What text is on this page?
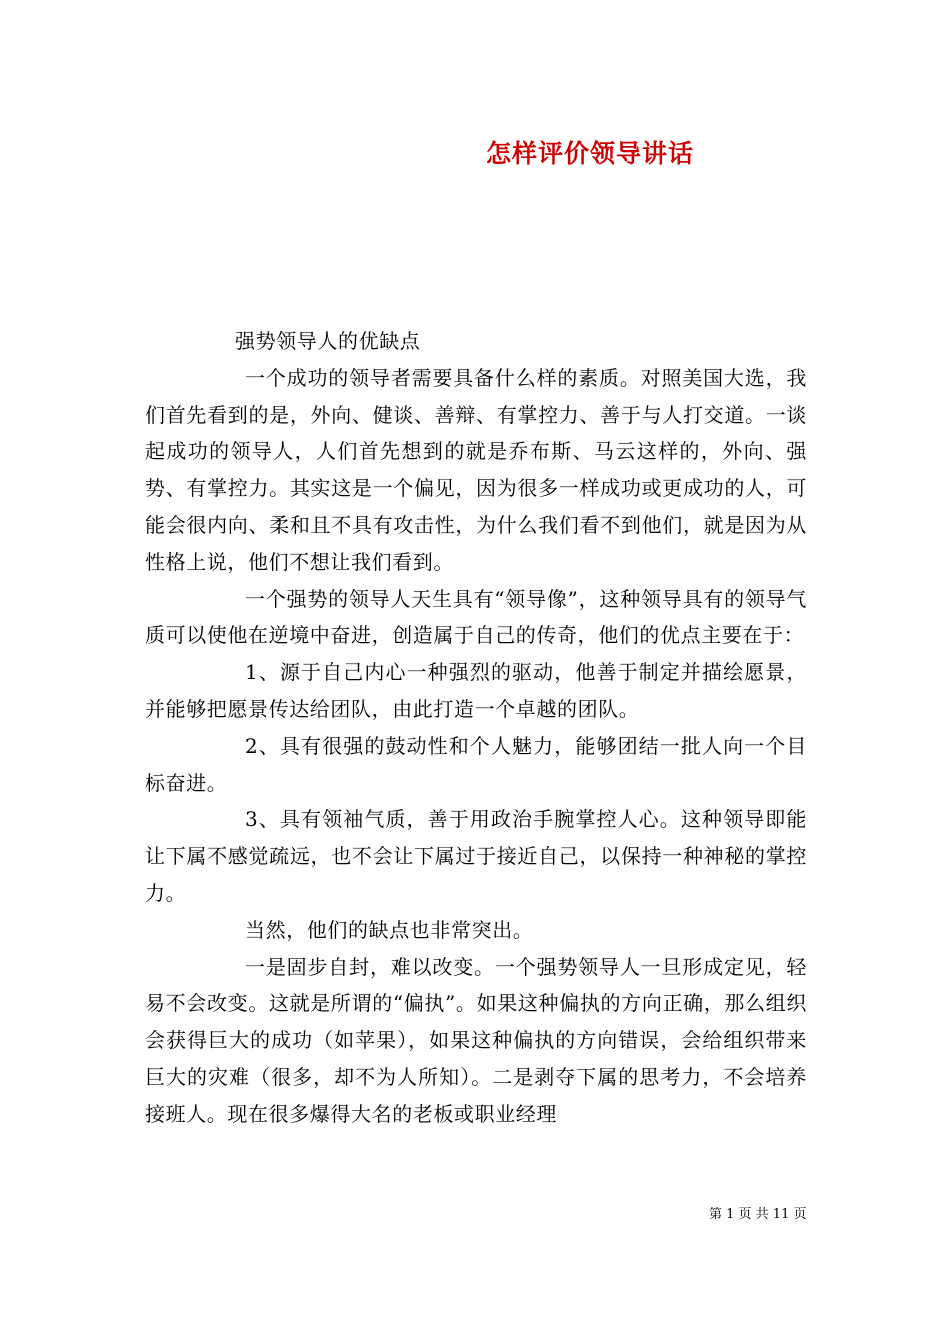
怎样评价领导讲话

强势领导人的优缺点

一个成功的领导者需要具备什么样的素质。对照美国大选，我们首先看到的是，外向、健谈、善辩、有掌控力、善于与人打交道。一谈起成功的领导人，人们首先想到的就是乔布斯、马云这样的，外向、强势、有掌控力。其实这是一个偏见，因为很多一样成功或更成功的人，可能会很内向、柔和且不具有攻击性，为什么我们看不到他们，就是因为从性格上说，他们不想让我们看到。

一个强势的领导人天生具有“领导像”，这种领导具有的领导气质可以使他在逆境中奋进，创造属于自己的传奇，他们的优点主要在于：

1、源于自己内心一种强烈的驱动，他善于制定并描绘愿景，并能够把愿景传达给团队，由此打造一个卓越的团队。

2、具有很强的鼓动性和个人魅力，能够团结一批人向一个目标奋进。

3、具有领袖气质，善于用政治手腕掌控人心。这种领导即能让下属不感觉疏远，也不会让下属过于接近自己，以保持一种神秘的掌控力。

当然，他们的缺点也非常突出。

一是固步自封，难以改变。一个强势领导人一旦形成定见，轻易不会改变。这就是所谓的“偏执”。如果这种偏执的方向正确，那么组织会获得巨大的成功（如苹果），如果这种偏执的方向错误，会给组织带来巨大的灾难（很多，却不为人所知）。二是剥夺下属的思考力，不会培养接班人。现在很多爆得大名的老板或职业经理

第 1 页 共 11 页
